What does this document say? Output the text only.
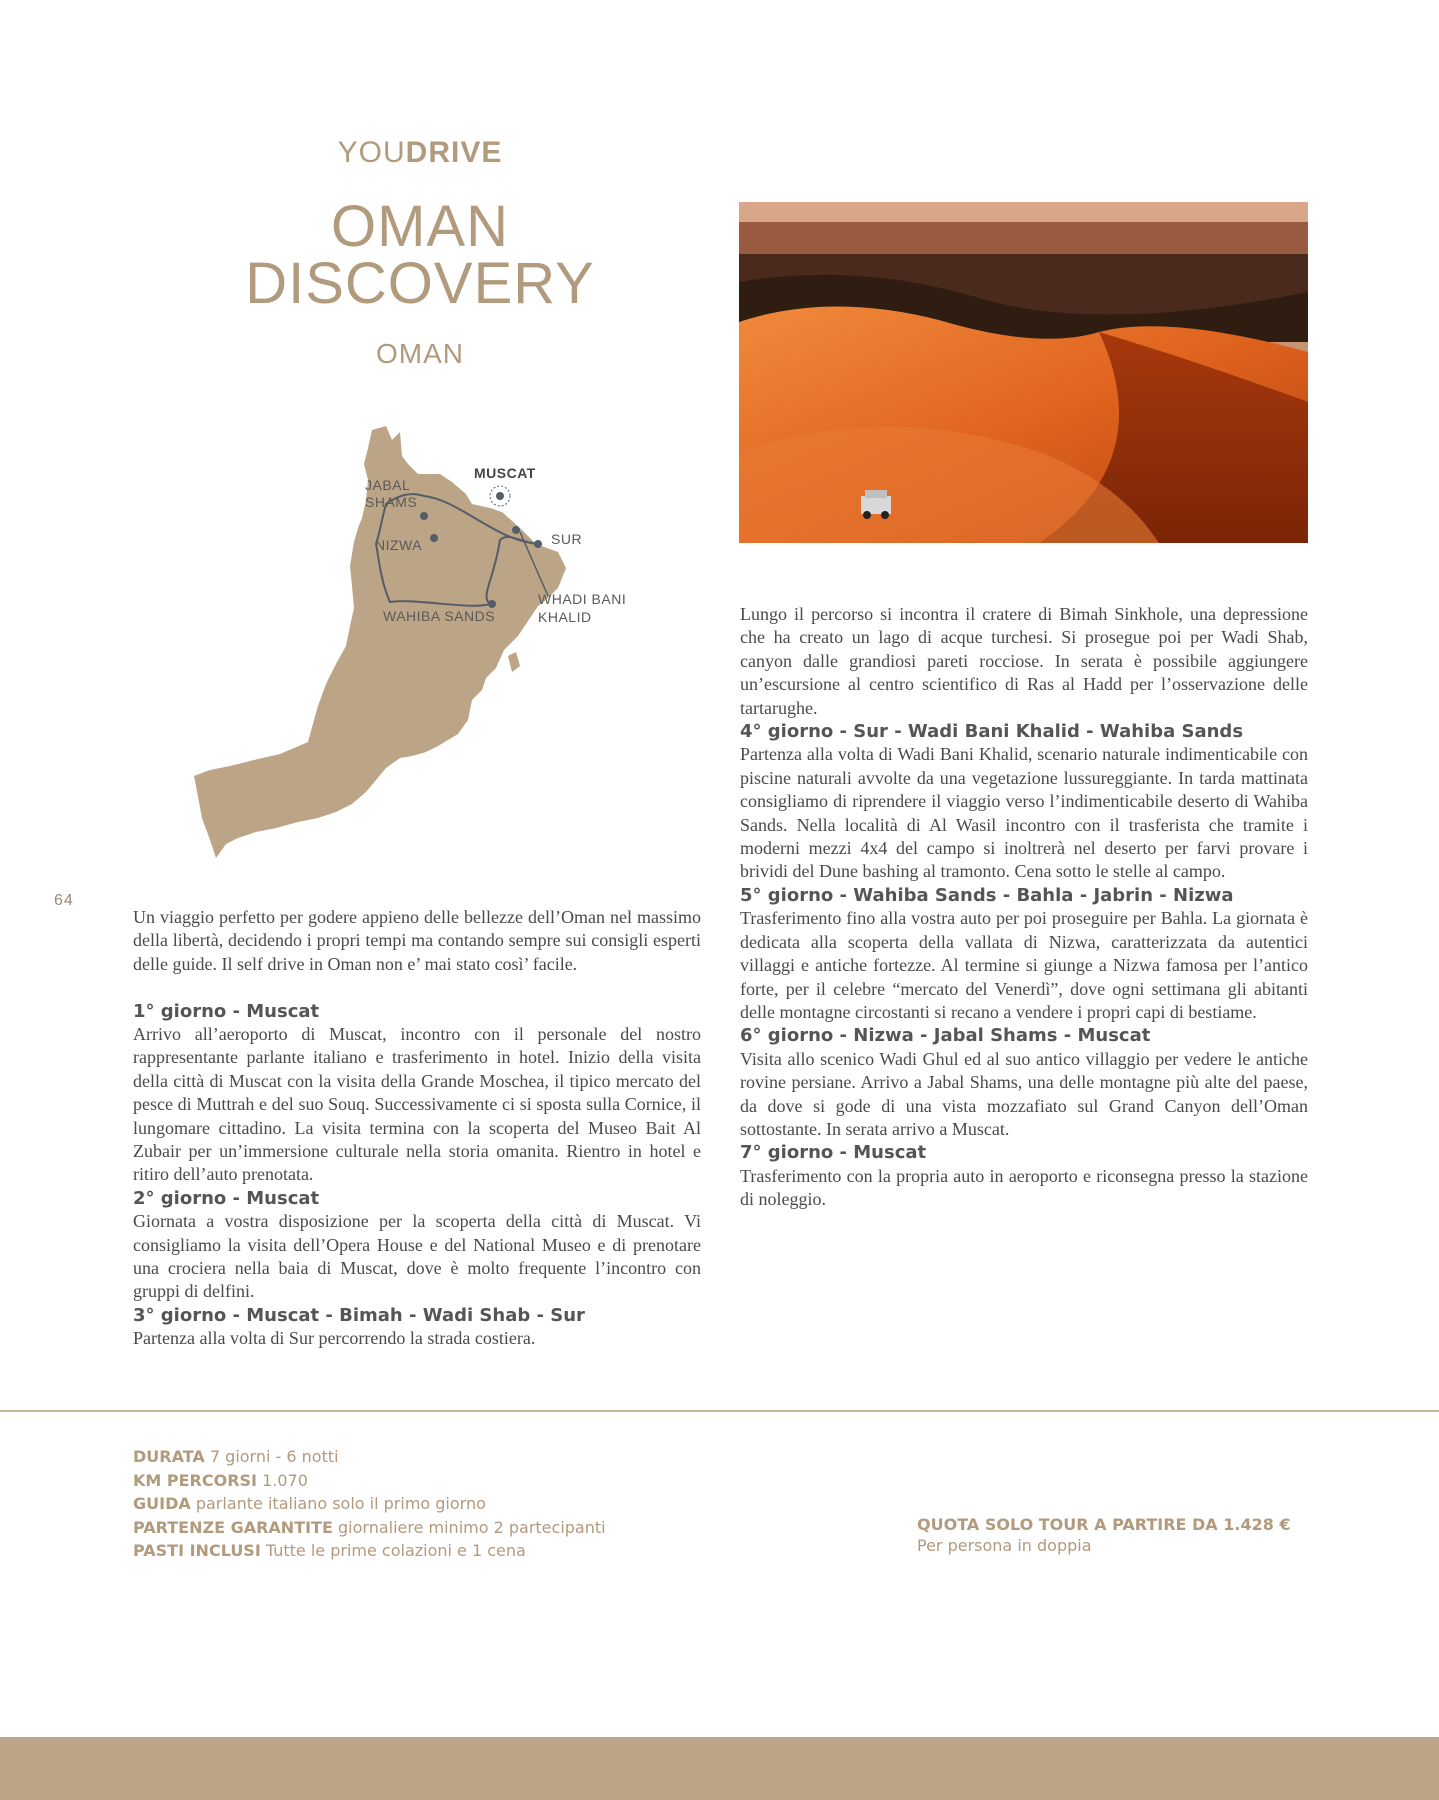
YOUDRIVE
OMAN
DISCOVERY
OMAN
MUSCAT
JABAL
SHAMS
NIZWA	SUR
WAHIBA SANDS
WHADI BANI
KHALID
64

Un viaggio perfetto per godere appieno delle bellezze dell’Oman nel massimo della libertà, decidendo i propri tempi ma contando sempre sui consigli esperti delle guide. Il self drive in Oman non e’ mai stato così’ facile.

1° giorno - Muscat

Arrivo all’aeroporto di Muscat, incontro con il personale del nostro rappresentante parlante italiano e trasferimento in hotel. Inizio della visita della città di Muscat con la visita della Grande Moschea, il tipico mercato del pesce di Muttrah e del suo Souq. Successivamente ci si sposta sulla Cornice, il lungomare cittadino. La visita termina con la scoperta del Museo Bait Al Zubair per un’immersione culturale nella storia omanita. Rientro in hotel e ritiro dell’auto prenotata.

2° giorno - Muscat

Giornata a vostra disposizione per la scoperta della città di Muscat. Vi consigliamo la visita dell’Opera House e del National Museo e di prenotare una crociera nella baia di Muscat, dove è molto frequente l’incontro con gruppi di delfini.

3° giorno - Muscat - Bimah - Wadi Shab - Sur

Partenza alla volta di Sur percorrendo la strada costiera.

Lungo il percorso si incontra il cratere di Bimah Sinkhole, una depressione che ha creato un lago di acque turchesi. Si prosegue poi per Wadi Shab, canyon dalle grandiosi pareti rocciose. In serata è possibile aggiungere un’escursione al centro scientifico di Ras al Hadd per l’osservazione delle tartarughe.

4° giorno - Sur - Wadi Bani Khalid - Wahiba Sands

Partenza alla volta di Wadi Bani Khalid, scenario naturale indimenticabile con piscine naturali avvolte da una vegetazione lussureggiante. In tarda mattinata consigliamo di riprendere il viaggio verso l’indimenticabile deserto di Wahiba Sands. Nella località di Al Wasil incontro con il trasferista che tramite i moderni mezzi 4x4 del campo si inoltrerà nel deserto per farvi provare i brividi del Dune bashing al tramonto. Cena sotto le stelle al campo.

5° giorno - Wahiba Sands - Bahla - Jabrin - Nizwa

Trasferimento fino alla vostra auto per poi proseguire per Bahla. La giornata è dedicata alla scoperta della vallata di Nizwa, caratterizzata da autentici villaggi e antiche fortezze. Al termine si giunge a Nizwa famosa per l’antico forte, per il celebre “mercato del Venerdì”, dove ogni settimana gli abitanti delle montagne circostanti si recano a vendere i propri capi di bestiame.

6° giorno - Nizwa - Jabal Shams - Muscat

Visita allo scenico Wadi Ghul ed al suo antico villaggio per vedere le antiche rovine persiane. Arrivo a Jabal Shams, una delle montagne più alte del paese, da dove si gode di una vista mozzafiato sul Grand Canyon dell’Oman sottostante. In serata arrivo a Muscat.

7° giorno - Muscat

Trasferimento con la propria auto in aeroporto e riconsegna presso la stazione di noleggio.

DURATA 7 giorni - 6 notti
KM PERCORSI 1.070
GUIDA parlante italiano solo il primo giorno
PARTENZE GARANTITE giornaliere minimo 2 partecipanti
PASTI INCLUSI Tutte le prime colazioni e 1 cena
QUOTA SOLO TOUR A PARTIRE DA 1.428 €
Per persona in doppia
